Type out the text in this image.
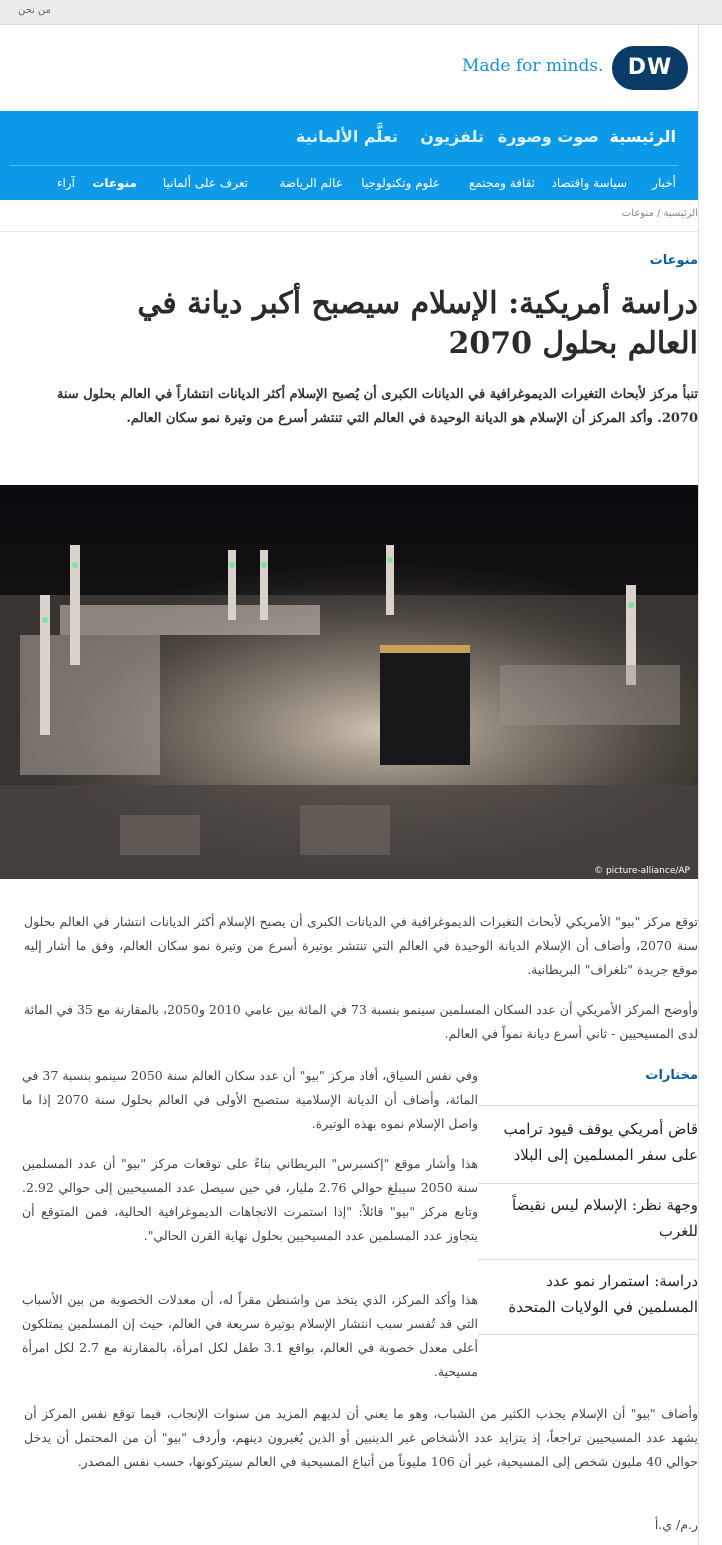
من نحن
Made for minds.	DW
الرئيسية
صوت وصورة
تلفزيون
تعلَّم الألمانية
أخبار
سياسة واقتصاد
ثقافة ومجتمع
علوم وتكنولوجيا
عالم الرياضة
تعرف على ألمانيا
منوعات
آراء
الرئيسية / منوعات
منوعات
دراسة أمريكية: الإسلام سيصبح أكبر ديانة في العالم بحلول 2070

تنبأ مركز لأبحاث التغيرات الديموغرافية في الديانات الكبرى أن يُصبح الإسلام أكثر الديانات انتشاراً في العالم بحلول سنة 2070. وأكد المركز أن الإسلام هو الديانة الوحيدة في العالم التي تنتشر أسرع من وتيرة نمو سكان العالم.

© picture-alliance/AP

توقع مركز "بيو" الأمريكي لأبحاث التغيرات الديموغرافية في الديانات الكبرى أن يصبح الإسلام أكثر الديانات انتشار في العالم بحلول سنة 2070، وأضاف أن الإسلام الديانة الوحيدة في العالم التي تنتشر بوتيرة أسرع من وتيرة نمو سكان العالم، وفق ما أشار إليه موقع جريدة "تلغراف" البريطانية.

وأوضح المركز الأمريكي أن عدد السكان المسلمين سينمو بنسبة 73 في المائة بين عامي 2010 و2050، بالمقارنة مع 35 في المائة لدى المسيحيين - ثاني أسرع ديانة نمواً في العالم.

وفي نفس السياق، أفاد مركز "بيو" أن عدد سكان العالم سنة 2050 سينمو بنسبة 37 في المائة، وأضاف أن الديانة الإسلامية ستصبح الأولى في العالم بحلول سنة 2070 إذا ما واصل الإسلام نموه بهذه الوتيرة.

هذا وأشار موقع "إكسبرس" البريطاني بناءً على توقعات مركز "بيو" أن عدد المسلمين سنة 2050 سيبلغ حوالي 2.76 مليار، في حين سيصل عدد المسيحيين إلى حوالي 2.92. وتابع مركز "بيو" قائلاً: "إذا استمرت الاتجاهات الديموغرافية الحالية، فمن المتوقع أن يتجاوز عدد المسلمين عدد المسيحيين بحلول نهاية القرن الحالي".

هذا وأكد المركز، الذي يتخذ من واشنطن مقراً له، أن معدلات الخصوبة من بين الأسباب التي قد تُفسر سبب انتشار الإسلام بوتيرة سريعة في العالم، حيث إن المسلمين يمتلكون أعلى معدل خصوبة في العالم، بواقع 3.1 طفل لكل امرأة، بالمقارنة مع 2.7 لكل امرأة مسيحية.

وأضاف "بيو" أن الإسلام يجذب الكثير من الشباب، وهو ما يعني أن لديهم المزيد من سنوات الإنجاب، فيما توقع نفس المركز أن يشهد عدد المسيحيين تراجعاً، إذ يتزايد عدد الأشخاص غير الدينيين أو الذين يُغيرون دينهم، وأردف "بيو" أن من المحتمل أن يدخل حوالي 40 مليون شخص إلى المسيحية، غير أن 106 مليوناً من أتباع المسيحية في العالم سيتركونها، حسب نفس المصدر.

ر.م/ ي.أ

مختارات
قاض أمريكي يوقف قيود ترامب على سفر المسلمين إلى البلاد
وجهة نظر: الإسلام ليس نقيضاً للغرب
دراسة: استمرار نمو عدد المسلمين في الولايات المتحدة
